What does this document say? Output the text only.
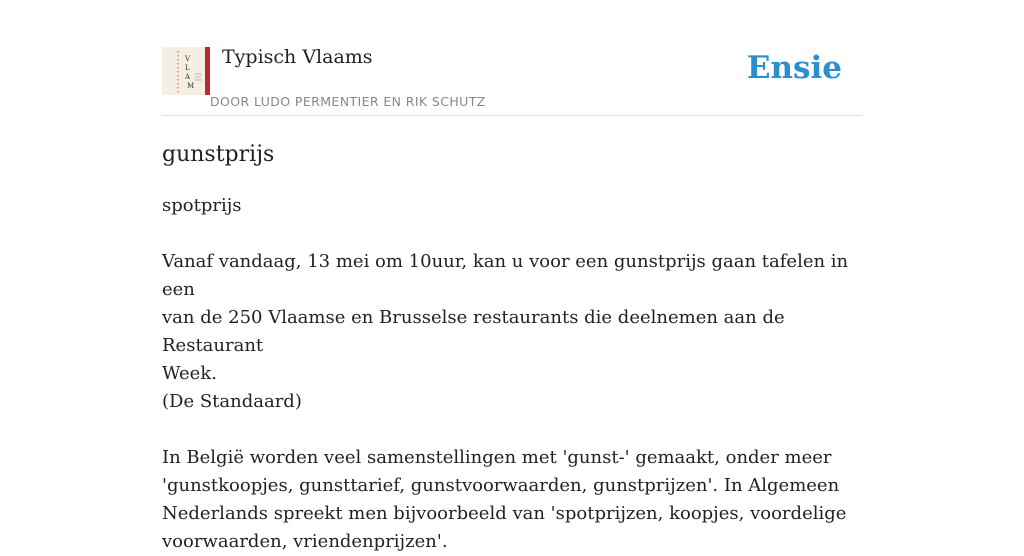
V
L
A
M
Typisch Vlaams
DOOR LUDO PERMENTIER EN RIK SCHUTZ
Ensie
gunstprijs

spotprijs

Vanaf vandaag, 13 mei om 10uur, kan u voor een gunstprijs gaan tafelen in een

van de 250 Vlaamse en Brusselse restaurants die deelnemen aan de Restaurant

Week.

(De Standaard)

In België worden veel samenstellingen met 'gunst-' gemaakt, onder meer

'gunstkoopjes, gunsttarief, gunstvoorwaarden, gunstprijzen'. In Algemeen

Nederlands spreekt men bijvoorbeeld van 'spotprijzen, koopjes, voordelige

voorwaarden, vriendenprijzen'.
